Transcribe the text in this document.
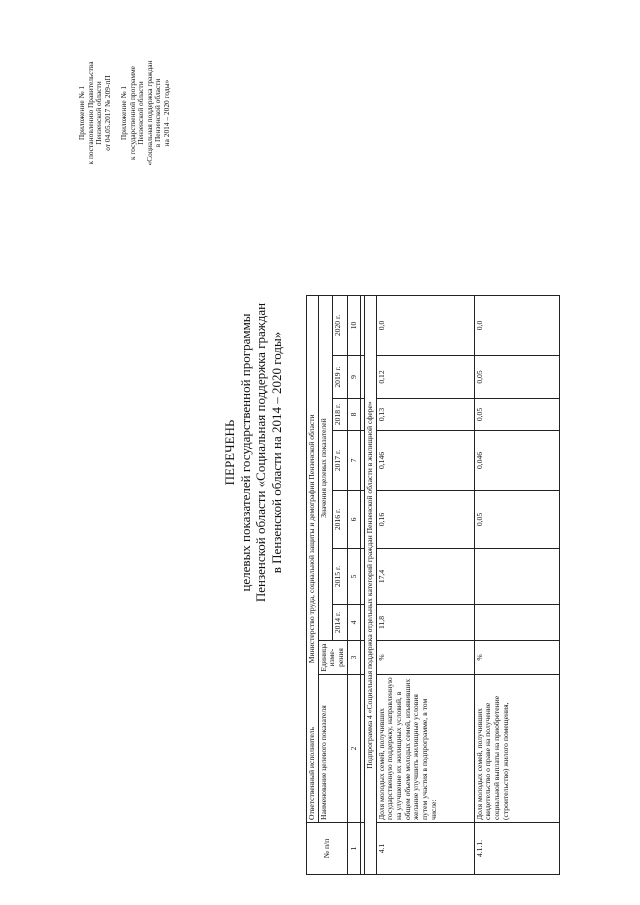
Приложение № 1 к постановлению Правительства Пензенской области от 04.05.2017 № 209-пП Приложение № 1 к государственной программе Пензенской области «Социальная поддержка граждан в Пензенской области на 2014 – 2020 годы»
ПЕРЕЧЕНЬ целевых показателей государственной программы Пензенской области «Социальная поддержка граждан в Пензенской области на 2014 – 2020 годы»
№ п/п	Ответственный исполнитель  Министерство труда, социальной защиты и демографии Пензенской области								
	Наименование целевого показателя	Единица изме-рения	Значения целевых показателей						
			2014 г.	2015 г.	2016 г.	2017 г.	2018 г.	2019 г.	2020 г.
1	2	3	4	5	6	7	8	9	10

Подпрограмма 4 «Социальная поддержка отдельных категорий граждан Пензенской области в жилищной сфере»									
4.1	Доля молодых семей, получивших государственную поддержку, направленную на улучшение их жилищных условий, в общем объеме молодых семей, изъявивших желание улучшить жилищные условия путем участия в подпрограмме, в том числе:	%	11,8	17,4	0,16	0,146	0,13	0,12	0,0
4.1.1.	Доля молодых семей, получивших свидетельство о праве на получение социальной выплаты на приобретение (строительство) жилого помещения,	%			0,05	0,046	0,05	0,05	0,0
